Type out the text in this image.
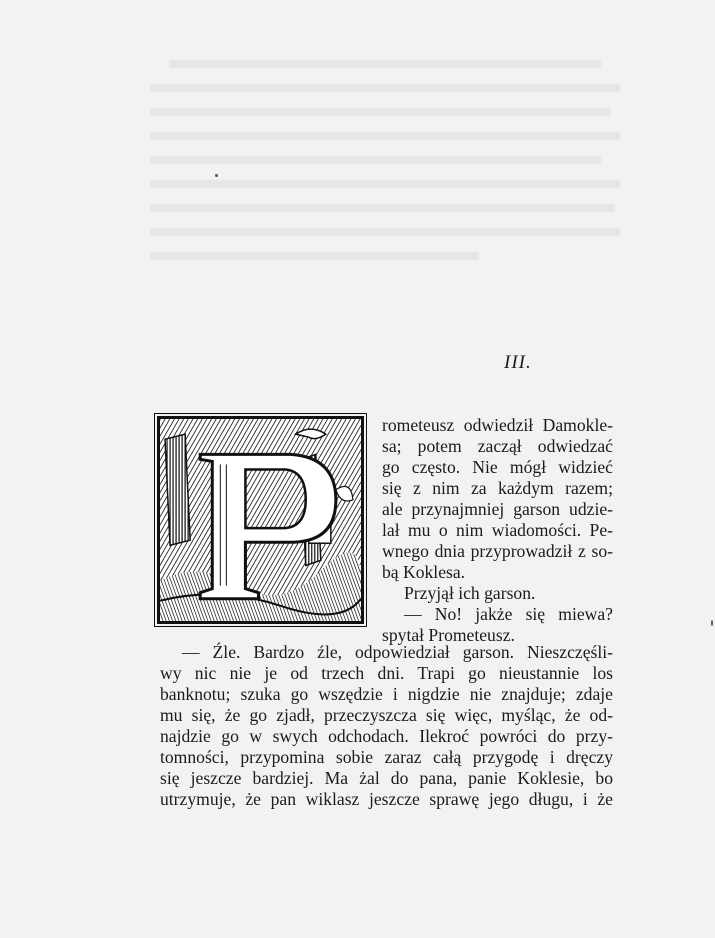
III.
rometeusz odwiedził Damokle-
sa; potem zaczął odwiedzać
go często. Nie mógł widzieć
się z nim za każdym razem;
ale przynajmniej garson udzie-
lał mu o nim wiadomości. Pe-
wnego dnia przyprowadził z so-
bą Koklesa.
Przyjął ich garson.
— No! jakże się miewa?
spytał Prometeusz.
— Źle. Bardzo źle, odpowiedział garson. Nieszczęśli-
wy nic nie je od trzech dni. Trapi go nieustannie los
banknotu; szuka go wszędzie i nigdzie nie znajduje; zdaje
mu się, że go zjadł, przeczyszcza się więc, myśląc, że od-
najdzie go w swych odchodach. Ilekroć powróci do przy-
tomności, przypomina sobie zaraz całą przygodę i dręczy
się jeszcze bardziej. Ma żal do pana, panie Koklesie, bo
utrzymuje, że pan wiklasz jeszcze sprawę jego długu, i że
